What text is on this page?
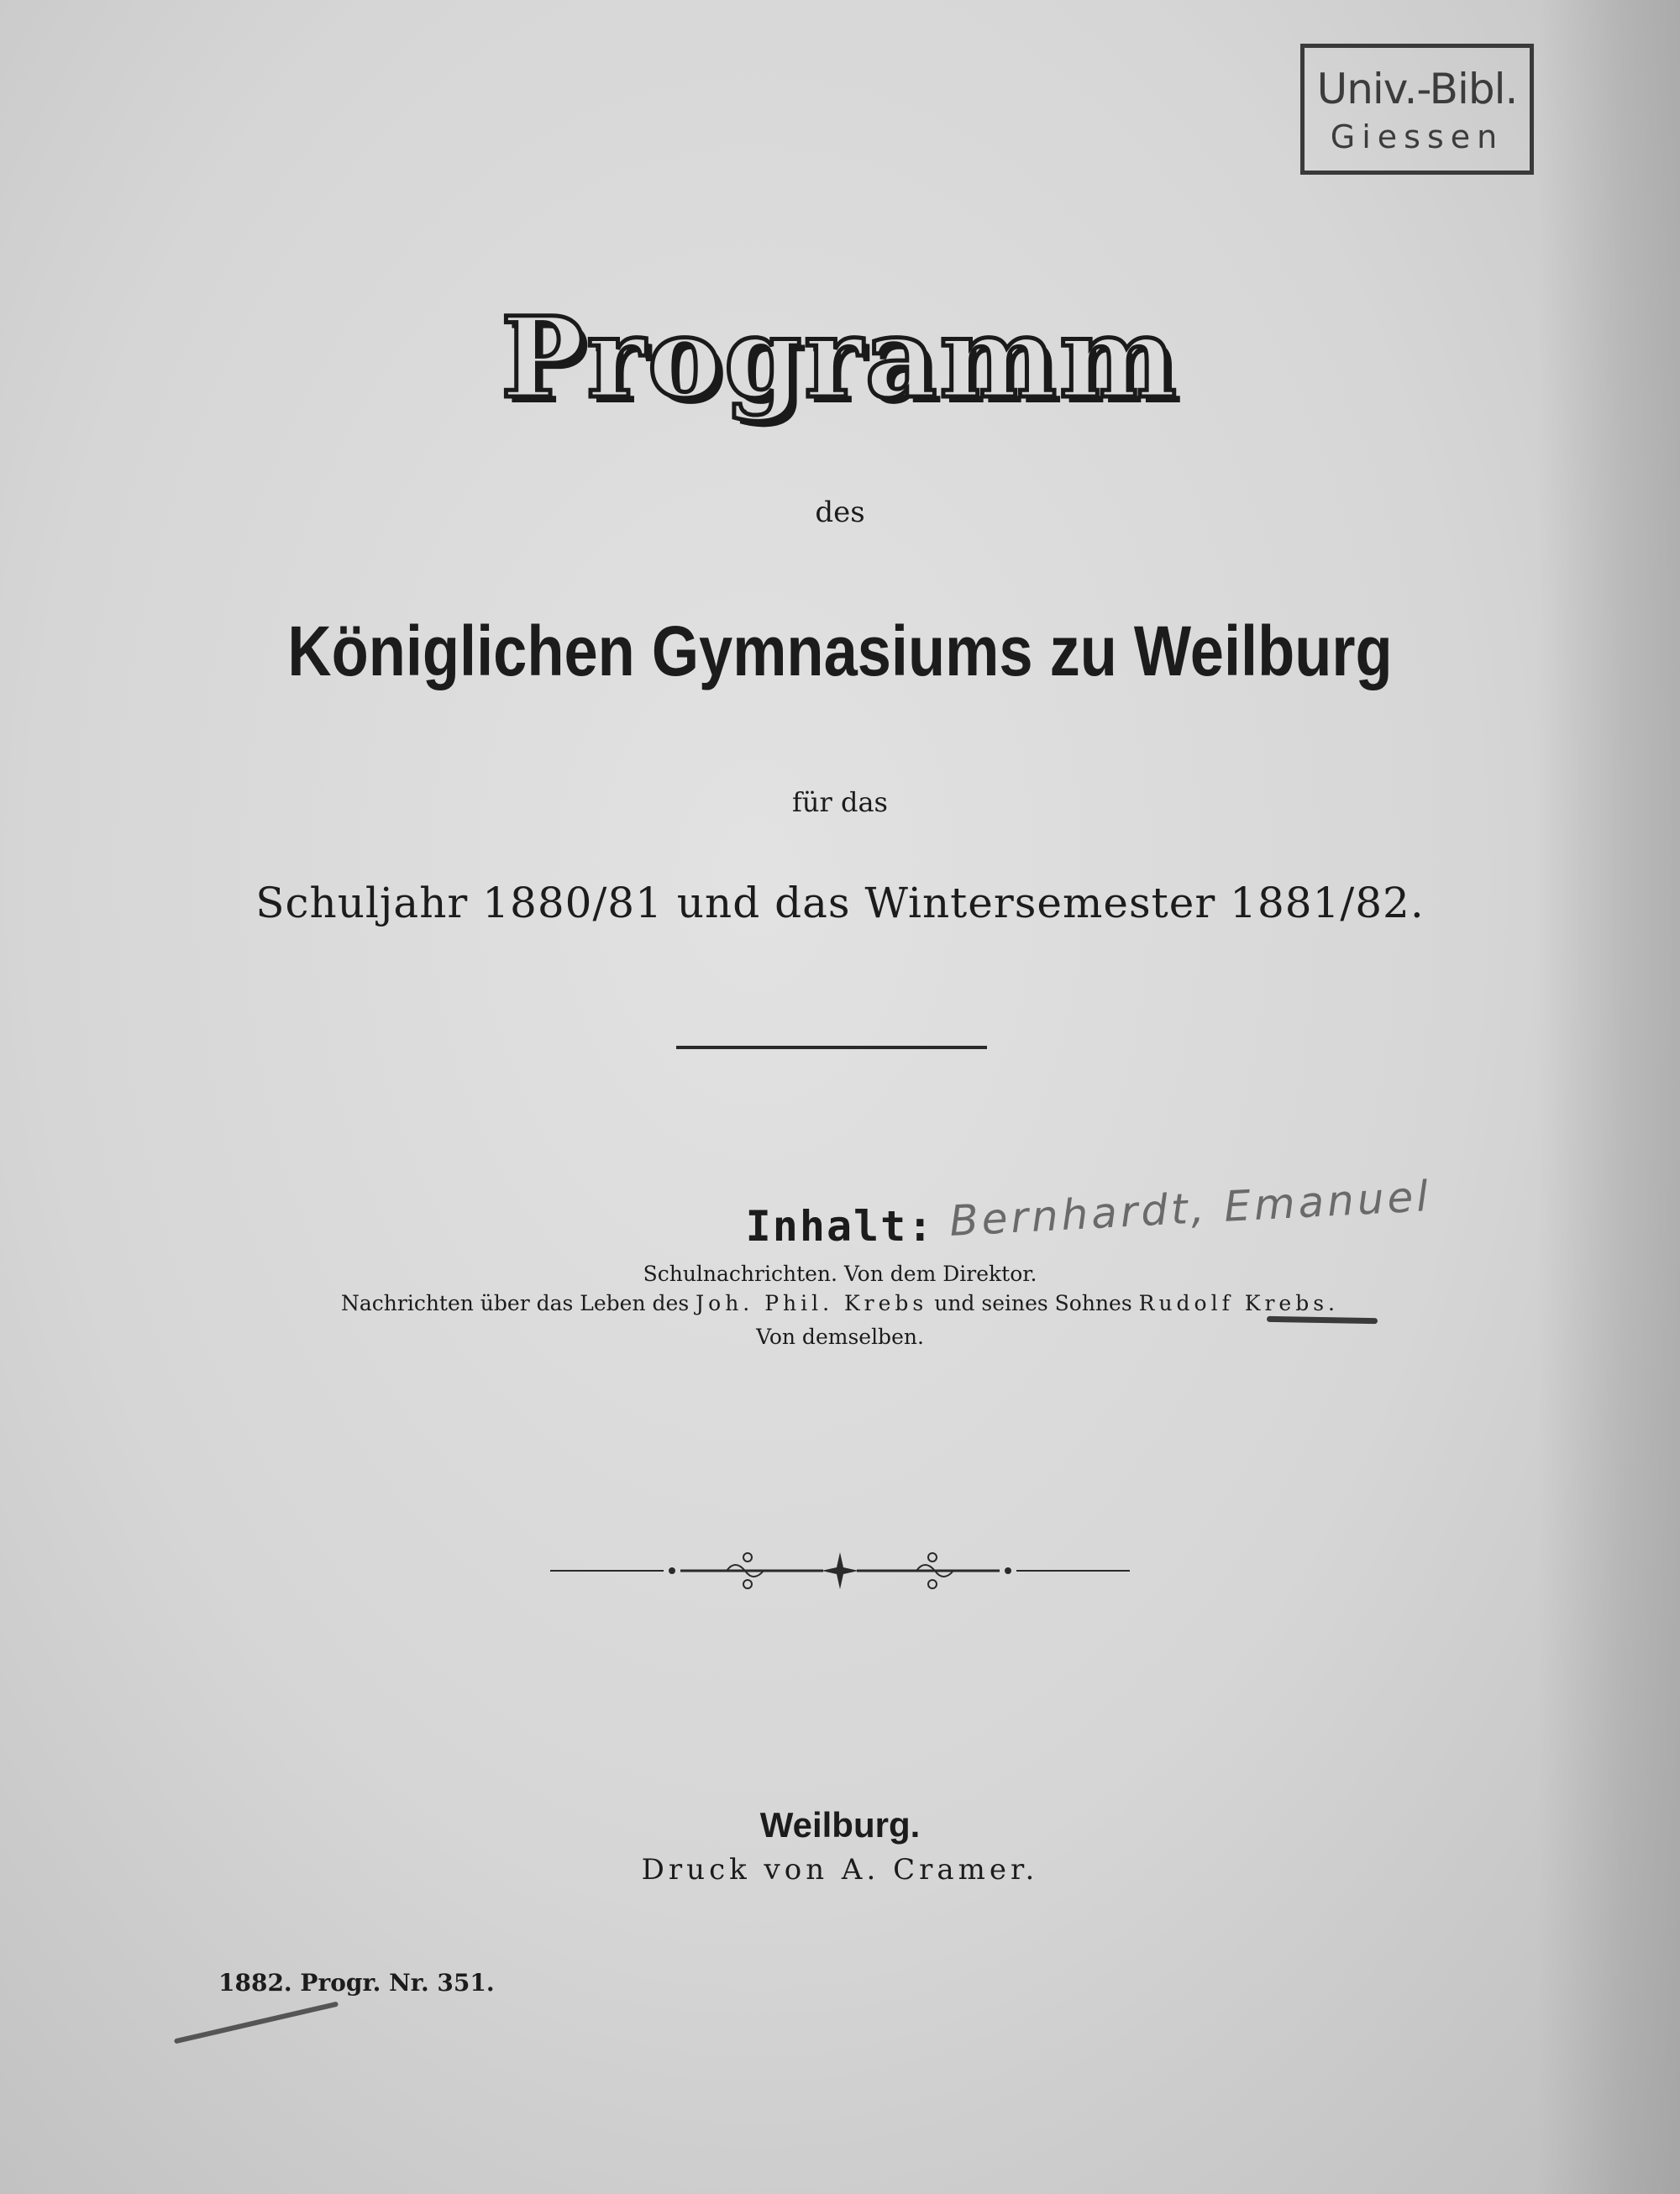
Univ.-Bibl.
Giessen
Programm
des
Königlichen Gymnasiums zu Weilburg
für das
Schuljahr 1880/81 und das Wintersemester 1881/82.
Inhalt: Bernhardt, Emanuel
Schulnachrichten. Von dem Direktor.
Nachrichten über das Leben des Joh. Phil. Krebs und seines Sohnes Rudolf Krebs.
Von demselben.
Weilburg.
Druck von A. Cramer.
1882. Progr. Nr. 351.
